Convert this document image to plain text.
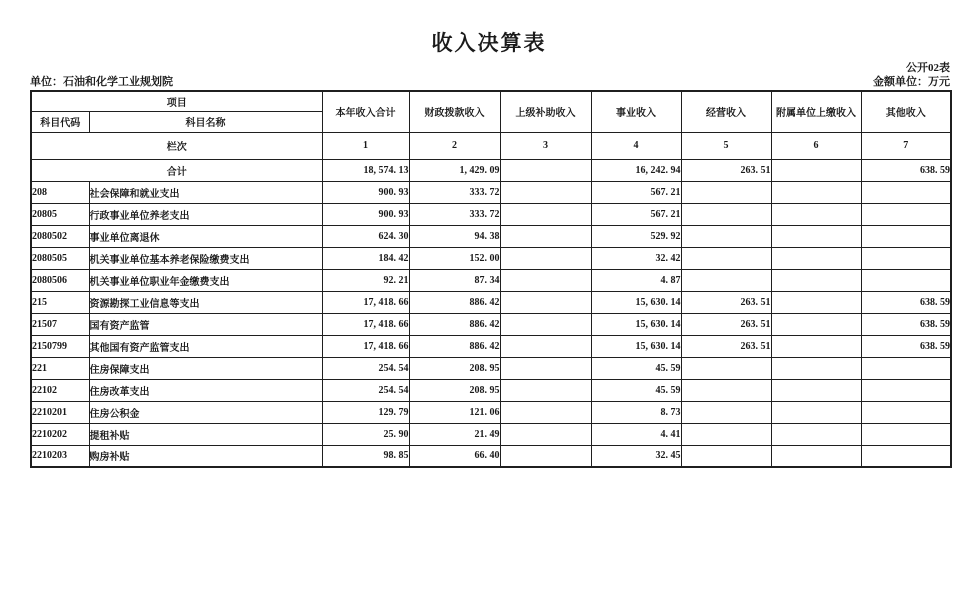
收入决算表
公开02表
单位：石油和化学工业规划院	金额单位：万元
项目		本年收入合计	财政拨款收入	上级补助收入	事业收入	经营收入	附属单位上缴收入	其他收入
科目代码	科目名称							
栏次		1	2	3	4	5	6	7
合计		18, 574. 13	1, 429. 09		16, 242. 94	263. 51		638. 59
208	社会保障和就业支出	900. 93	333. 72		567. 21			
20805	行政事业单位养老支出	900. 93	333. 72		567. 21			
2080502	事业单位离退休	624. 30	94. 38		529. 92			
2080505	机关事业单位基本养老保险缴费支出	184. 42	152. 00		32. 42			
2080506	机关事业单位职业年金缴费支出	92. 21	87. 34		4. 87			
215	资源勘探工业信息等支出	17, 418. 66	886. 42		15, 630. 14	263. 51		638. 59
21507	国有资产监管	17, 418. 66	886. 42		15, 630. 14	263. 51		638. 59
2150799	其他国有资产监管支出	17, 418. 66	886. 42		15, 630. 14	263. 51		638. 59
221	住房保障支出	254. 54	208. 95		45. 59			
22102	住房改革支出	254. 54	208. 95		45. 59			
2210201	住房公积金	129. 79	121. 06		8. 73			
2210202	提租补贴	25. 90	21. 49		4. 41			
2210203	购房补贴	98. 85	66. 40		32. 45			
